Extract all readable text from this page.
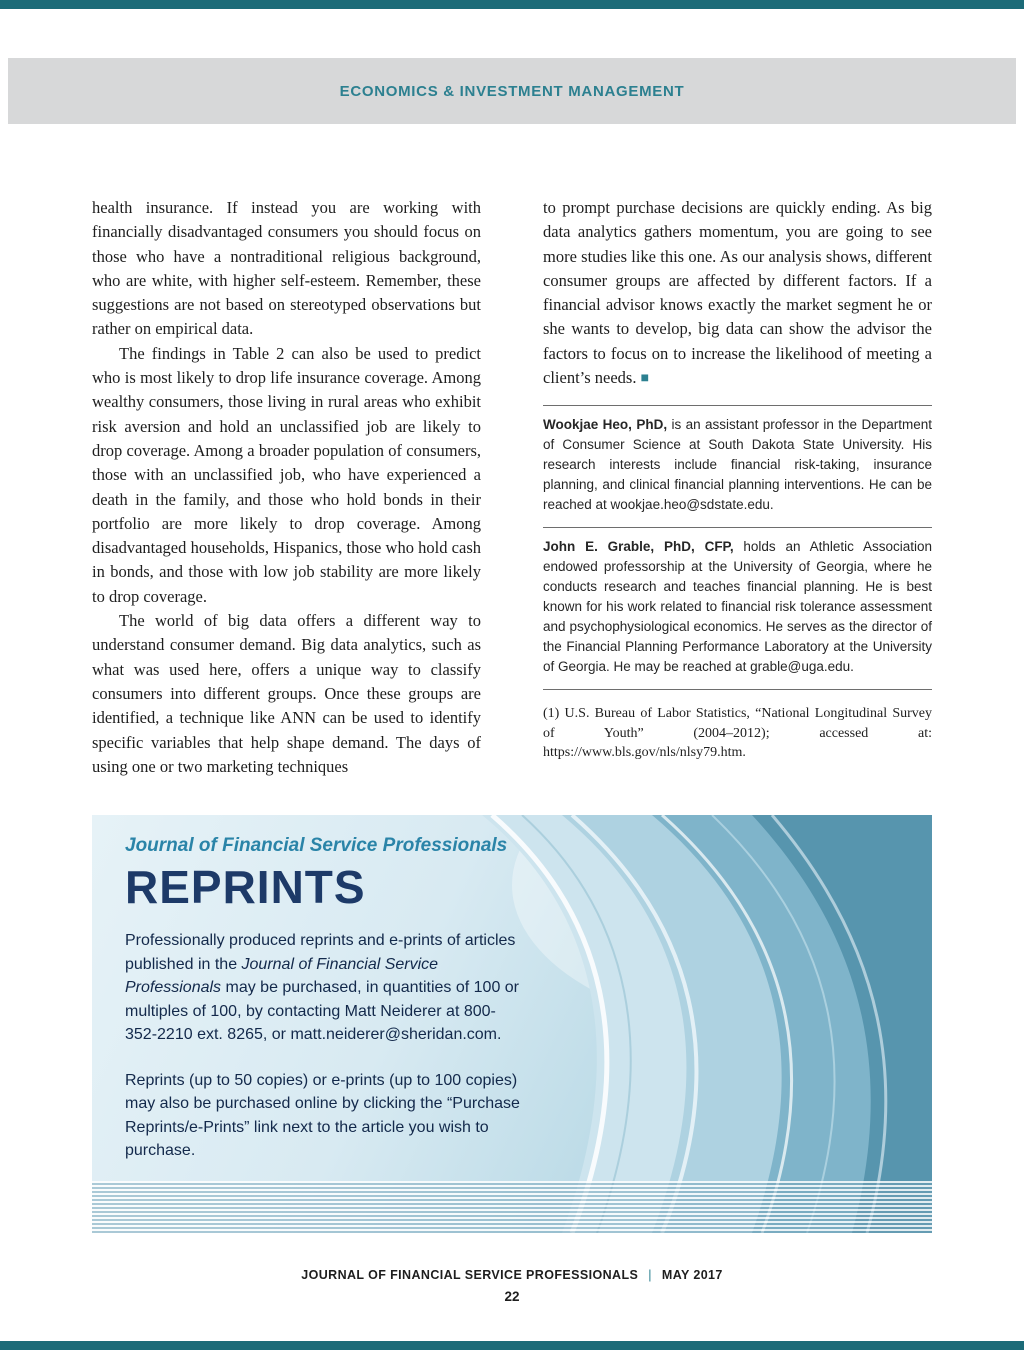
ECONOMICS & INVESTMENT MANAGEMENT

health insurance. If instead you are working with financially disadvantaged consumers you should focus on those who have a nontraditional religious background, who are white, with higher self-esteem. Remember, these suggestions are not based on stereotyped observations but rather on empirical data.

The findings in Table 2 can also be used to predict who is most likely to drop life insurance coverage. Among wealthy consumers, those living in rural areas who exhibit risk aversion and hold an unclassified job are likely to drop coverage. Among a broader population of consumers, those with an unclassified job, who have experienced a death in the family, and those who hold bonds in their portfolio are more likely to drop coverage. Among disadvantaged households, Hispanics, those who hold cash in bonds, and those with low job stability are more likely to drop coverage.

The world of big data offers a different way to understand consumer demand. Big data analytics, such as what was used here, offers a unique way to classify consumers into different groups. Once these groups are identified, a technique like ANN can be used to identify specific variables that help shape demand. The days of using one or two marketing techniques

to prompt purchase decisions are quickly ending. As big data analytics gathers momentum, you are going to see more studies like this one. As our analysis shows, different consumer groups are affected by different factors. If a financial advisor knows exactly the market segment he or she wants to develop, big data can show the advisor the factors to focus on to increase the likelihood of meeting a client’s needs. ■

Wookjae Heo, PhD, is an assistant professor in the Department of Consumer Science at South Dakota State University. His research interests include financial risk-taking, insurance planning, and clinical financial planning interventions. He can be reached at wookjae.heo@sdstate.edu.

John E. Grable, PhD, CFP, holds an Athletic Association endowed professorship at the University of Georgia, where he conducts research and teaches financial planning. He is best known for his work related to financial risk tolerance assessment and psychophysiological economics. He serves as the director of the Financial Planning Performance Laboratory at the University of Georgia. He may be reached at grable@uga.edu.

(1) U.S. Bureau of Labor Statistics, “National Longitudinal Survey of Youth” (2004–2012); accessed at: https://www.bls.gov/nls/nlsy79.htm.

Journal of Financial Service Professionals
REPRINTS

Professionally produced reprints and e-prints of articles published in the Journal of Financial Service Professionals may be purchased, in quantities of 100 or multiples of 100, by contacting Matt Neiderer at 800-352-2210 ext. 8265, or matt.neiderer@sheridan.com.

Reprints (up to 50 copies) or e-prints (up to 100 copies) may also be purchased online by clicking the “Purchase Reprints/e-Prints” link next to the article you wish to purchase.

JOURNAL OF FINANCIAL SERVICE PROFESSIONALS | MAY 2017
22
